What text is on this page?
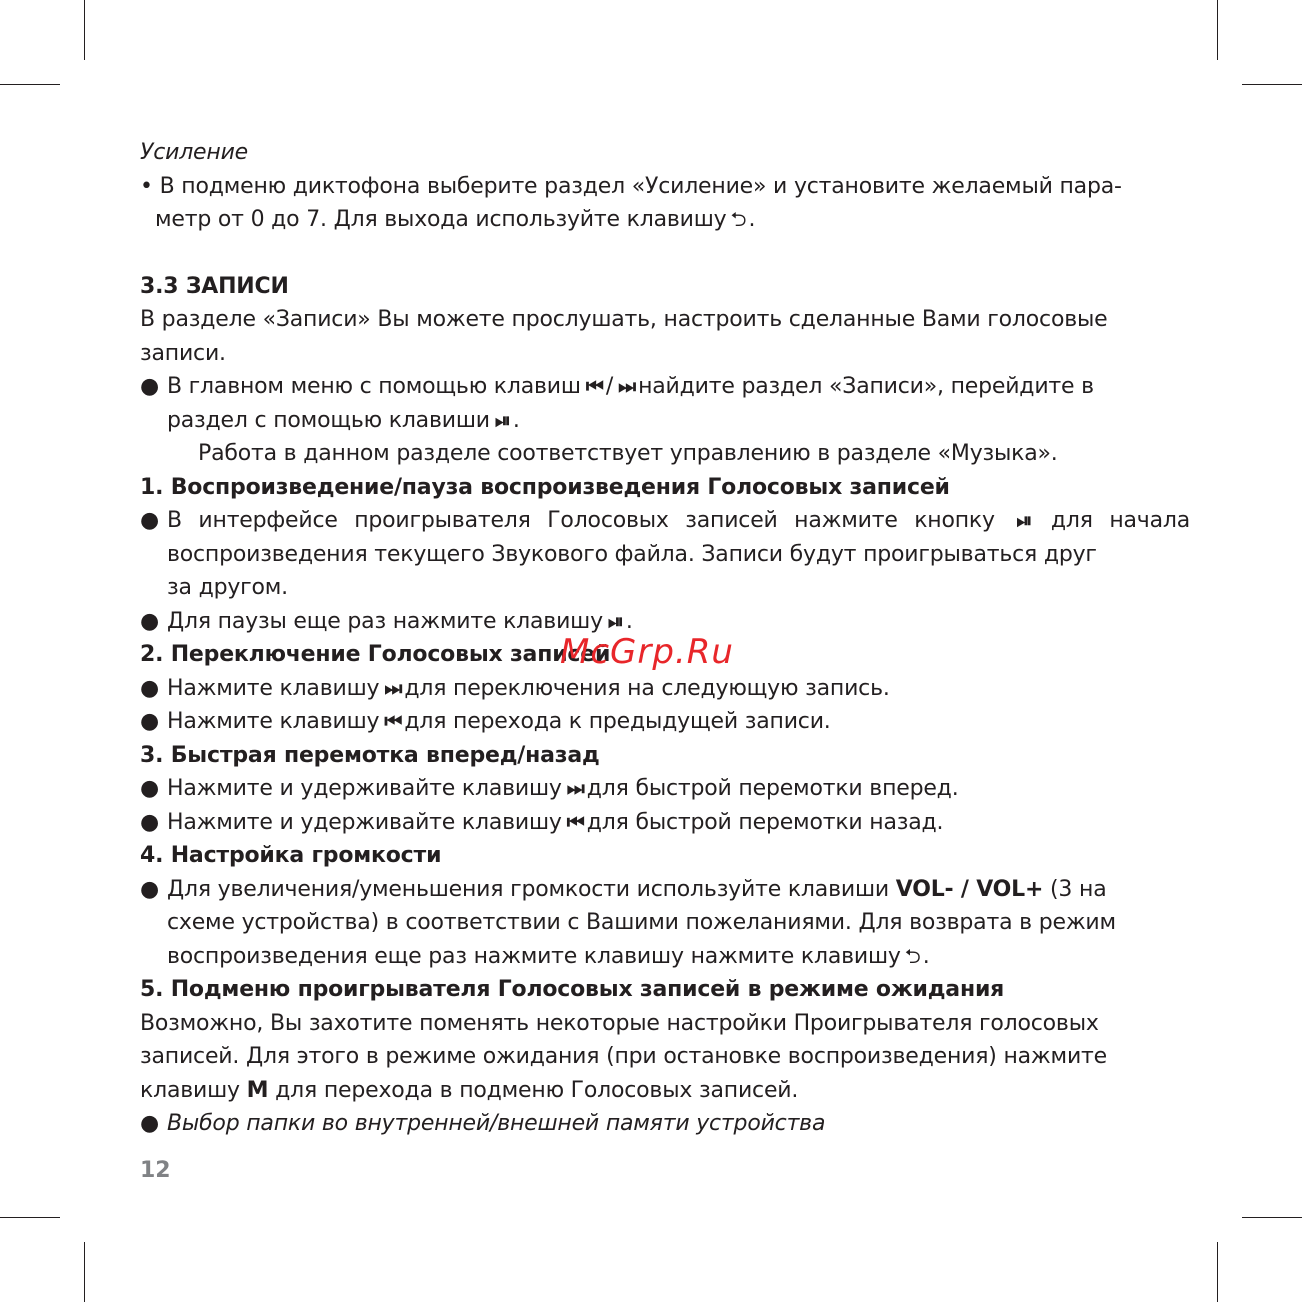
Усиление
• В подменю диктофона выберите раздел «Усиление» и установите желаемый пара-
метр от 0 до 7. Для выхода используйте клавишу ⮌.
3.3 ЗАПИСИ
В разделе «Записи» Вы можете прослушать, настроить сделанные Вами голосовые
записи.
● В главном меню с помощью клавиш ⏮ / ⏭ найдите раздел «Записи», перейдите в
раздел с помощью клавиши ⏯ .
Работа в данном разделе соответствует управлению в разделе «Музыка».
1. Воспроизведение/пауза воспроизведения Голосовых записей
● В интерфейсе проигрывателя Голосовых записей нажмите кнопку ⏯ для начала
воспроизведения текущего Звукового файла. Записи будут проигрываться друг
за другом.
● Для паузы еще раз нажмите клавишу ⏯ .
2. Переключение Голосовых записей
● Нажмите клавишу ⏭ для переключения на следующую запись.
● Нажмите клавишу ⏮ для перехода к предыдущей записи.
3. Быстрая перемотка вперед/назад
● Нажмите и удерживайте клавишу ⏭ для быстрой перемотки вперед.
● Нажмите и удерживайте клавишу ⏮ для быстрой перемотки назад.
4. Настройка громкости
● Для увеличения/уменьшения громкости используйте клавиши VOL- / VOL+ (3 на
схеме устройства) в соответствии с Вашими пожеланиями. Для возврата в режим
воспроизведения еще раз нажмите клавишу нажмите клавишу ⮌.
5. Подменю проигрывателя Голосовых записей в режиме ожидания
Возможно, Вы захотите поменять некоторые настройки Проигрывателя голосовых
записей. Для этого в режиме ожидания (при остановке воспроизведения) нажмите
клавишу M для перехода в подменю Голосовых записей.
● Выбор папки во внутренней/внешней памяти устройства
McGrp.Ru
12
